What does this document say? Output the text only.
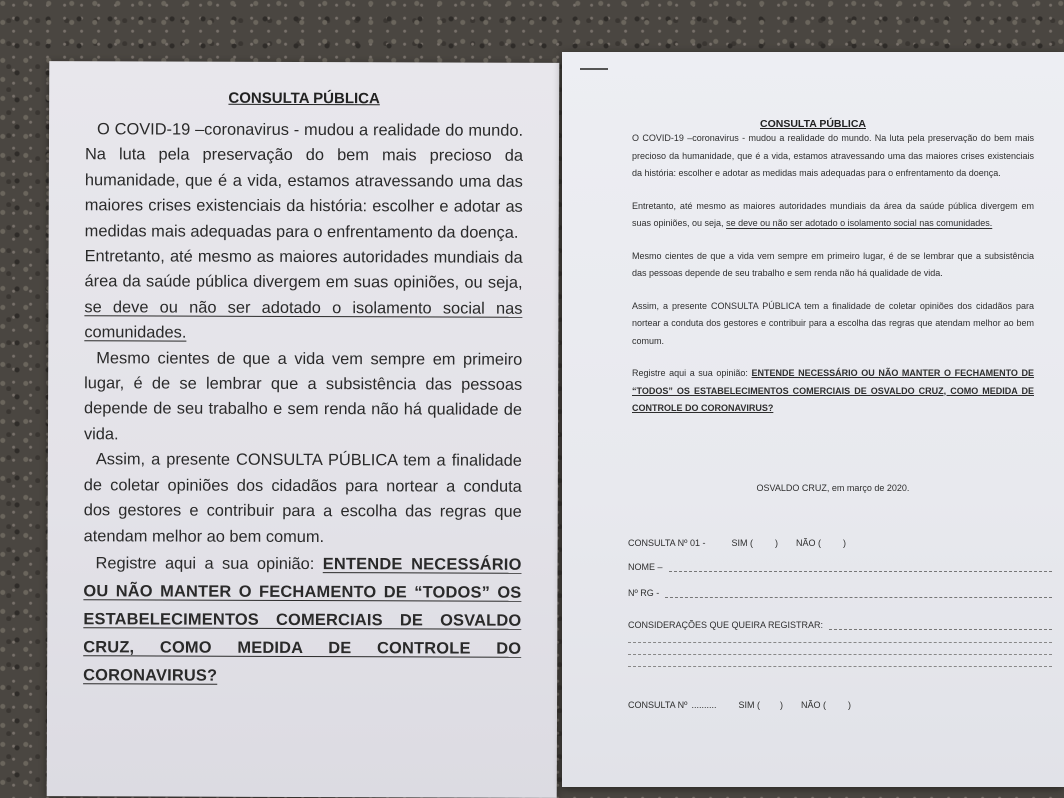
CONSULTA PÚBLICA

O COVID-19 –coronavirus - mudou a realidade do mundo. Na luta pela preservação do bem mais precioso da humanidade, que é a vida, estamos atravessando uma das maiores crises existenciais da história: escolher e adotar as medidas mais adequadas para o enfrentamento da doença.

Entretanto, até mesmo as maiores autoridades mundiais da área da saúde pública divergem em suas opiniões, ou seja, se deve ou não ser adotado o isolamento social nas comunidades.

Mesmo cientes de que a vida vem sempre em primeiro lugar, é de se lembrar que a subsistência das pessoas depende de seu trabalho e sem renda não há qualidade de vida.

Assim, a presente CONSULTA PÚBLICA tem a finalidade de coletar opiniões dos cidadãos para nortear a conduta dos gestores e contribuir para a escolha das regras que atendam melhor ao bem comum.

Registre aqui a sua opinião: ENTENDE NECESSÁRIO OU NÃO MANTER O FECHAMENTO DE “TODOS” OS ESTABELECIMENTOS COMERCIAIS DE OSVALDO CRUZ, COMO MEDIDA DE CONTROLE DO CORONAVIRUS?

CONSULTA PÚBLICA

O COVID-19 –coronavirus - mudou a realidade do mundo. Na luta pela preservação do bem mais precioso da humanidade, que é a vida, estamos atravessando uma das maiores crises existenciais da história: escolher e adotar as medidas mais adequadas para o enfrentamento da doença.

Entretanto, até mesmo as maiores autoridades mundiais da área da saúde pública divergem em suas opiniões, ou seja, se deve ou não ser adotado o isolamento social nas comunidades.

Mesmo cientes de que a vida vem sempre em primeiro lugar, é de se lembrar que a subsistência das pessoas depende de seu trabalho e sem renda não há qualidade de vida.

Assim, a presente CONSULTA PÚBLICA tem a finalidade de coletar opiniões dos cidadãos para nortear a conduta dos gestores e contribuir para a escolha das regras que atendam melhor ao bem comum.

Registre aqui a sua opinião: ENTENDE NECESSÁRIO OU NÃO MANTER O FECHAMENTO DE “TODOS” OS ESTABELECIMENTOS COMERCIAIS DE OSVALDO CRUZ, COMO MEDIDA DE CONTROLE DO CORONAVIRUS?

OSVALDO CRUZ, em março de 2020.
CONSULTA Nº 01 -	SIM ( ) NÃO ( )
NOME –
Nº RG -
CONSIDERAÇÕES QUE QUEIRA REGISTRAR:
CONSULTA Nº .......... SIM ( ) NÃO ( )
